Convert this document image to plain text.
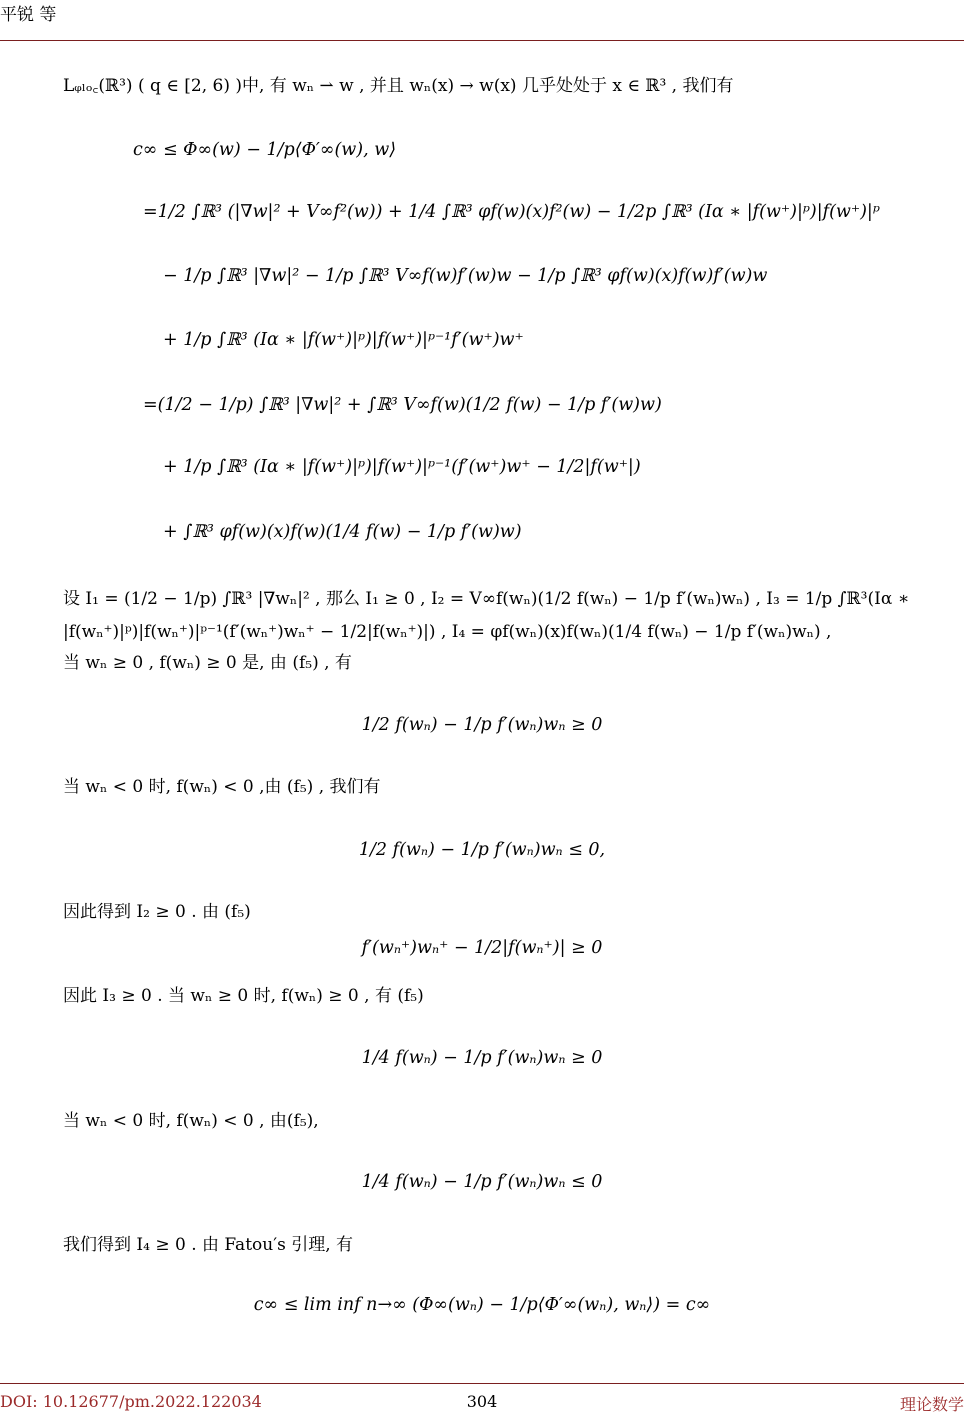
平锐 等
Lᵩₗₒ꜀(ℝ³) ( q ∈ [2, 6) )中, 有 wₙ ⇀ w , 并且 wₙ(x) → w(x) 几乎处处于 x ∈ ℝ³ , 我们有
c∞ ≤ Φ∞(w) − 1/p⟨Φ′∞(w), w⟩
=1/2 ∫ℝ³ (|∇w|² + V∞f²(w)) + 1/4 ∫ℝ³ φf(w)(x)f²(w) − 1/2p ∫ℝ³ (Iα ∗ |f(w⁺)|ᵖ)|f(w⁺)|ᵖ
− 1/p ∫ℝ³ |∇w|² − 1/p ∫ℝ³ V∞f(w)f′(w)w − 1/p ∫ℝ³ φf(w)(x)f(w)f′(w)w
+ 1/p ∫ℝ³ (Iα ∗ |f(w⁺)|ᵖ)|f(w⁺)|ᵖ⁻¹f′(w⁺)w⁺
=(1/2 − 1/p) ∫ℝ³ |∇w|² + ∫ℝ³ V∞f(w)(1/2 f(w) − 1/p f′(w)w)
+ 1/p ∫ℝ³ (Iα ∗ |f(w⁺)|ᵖ)|f(w⁺)|ᵖ⁻¹(f′(w⁺)w⁺ − 1/2|f(w⁺|)
+ ∫ℝ³ φf(w)(x)f(w)(1/4 f(w) − 1/p f′(w)w)
设 I₁ = (1/2 − 1/p) ∫ℝ³ |∇wₙ|² , 那么 I₁ ≥ 0 , I₂ = V∞f(wₙ)(1/2 f(wₙ) − 1/p f′(wₙ)wₙ) , I₃ = 1/p ∫ℝ³(Iα ∗
|f(wₙ⁺)|ᵖ)|f(wₙ⁺)|ᵖ⁻¹(f′(wₙ⁺)wₙ⁺ − 1/2|f(wₙ⁺)|) , I₄ = φf(wₙ)(x)f(wₙ)(1/4 f(wₙ) − 1/p f′(wₙ)wₙ) ,
当 wₙ ≥ 0 , f(wₙ) ≥ 0 是, 由 (f₅) , 有
1/2 f(wₙ) − 1/p f′(wₙ)wₙ ≥ 0
当 wₙ < 0 时, f(wₙ) < 0 ,由 (f₅) , 我们有
1/2 f(wₙ) − 1/p f′(wₙ)wₙ ≤ 0,
因此得到 I₂ ≥ 0 . 由 (f₅)
f′(wₙ⁺)wₙ⁺ − 1/2|f(wₙ⁺)| ≥ 0
因此 I₃ ≥ 0 . 当 wₙ ≥ 0 时, f(wₙ) ≥ 0 , 有 (f₅)
1/4 f(wₙ) − 1/p f′(wₙ)wₙ ≥ 0
当 wₙ < 0 时, f(wₙ) < 0 , 由(f₅),
1/4 f(wₙ) − 1/p f′(wₙ)wₙ ≤ 0
我们得到 I₄ ≥ 0 . 由 Fatou′s 引理, 有
c∞ ≤ lim inf n→∞ (Φ∞(wₙ) − 1/p⟨Φ′∞(wₙ), wₙ⟩) = c∞
DOI: 10.12677/pm.2022.122034	304	理论数学
